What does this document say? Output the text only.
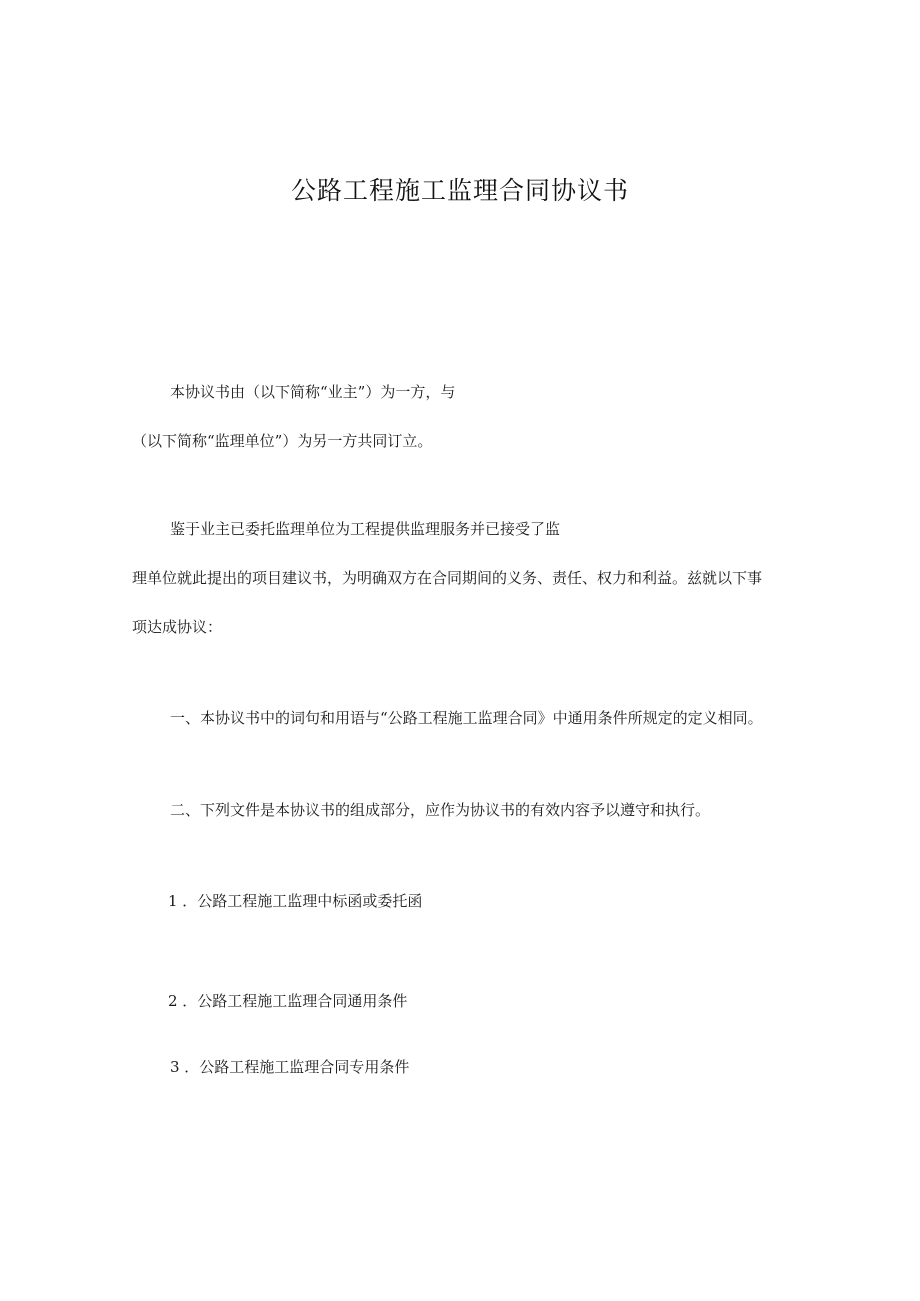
公路工程施工监理合同协议书
本协议书由（以下简称“业主”）为一方，与
（以下简称“监理单位”）为另一方共同订立。
鉴于业主已委托监理单位为工程提供监理服务并已接受了监
理单位就此提出的项目建议书，为明确双方在合同期间的义务、责任、权力和利益。兹就以下事
项达成协议：
一、本协议书中的词句和用语与“公路工程施工监理合同》中通用条件所规定的定义相同。
二、下列文件是本协议书的组成部分，应作为协议书的有效内容予以遵守和执行。
1 ．公路工程施工监理中标函或委托函
2 ．公路工程施工监理合同通用条件
3 ．公路工程施工监理合同专用条件
